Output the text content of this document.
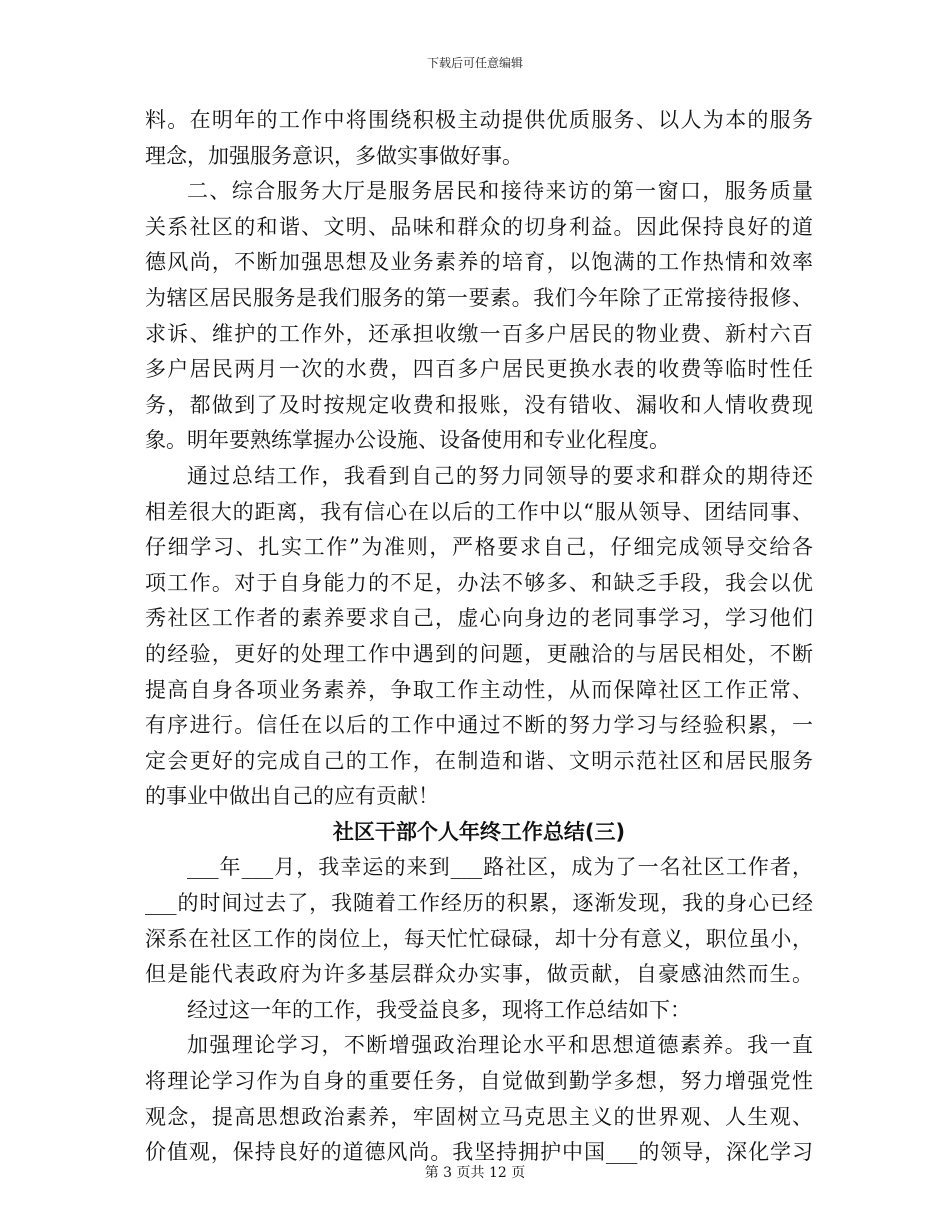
下载后可任意编辑
料。在明年的工作中将围绕积极主动提供优质服务、以人为本的服务
理念，加强服务意识，多做实事做好事。
二、综合服务大厅是服务居民和接待来访的第一窗口，服务质量
关系社区的和谐、文明、品味和群众的切身利益。因此保持良好的道
德风尚，不断加强思想及业务素养的培育，以饱满的工作热情和效率
为辖区居民服务是我们服务的第一要素。我们今年除了正常接待报修、
求诉、维护的工作外，还承担收缴一百多户居民的物业费、新村六百
多户居民两月一次的水费，四百多户居民更换水表的收费等临时性任
务，都做到了及时按规定收费和报账，没有错收、漏收和人情收费现
象。明年要熟练掌握办公设施、设备使用和专业化程度。
通过总结工作，我看到自己的努力同领导的要求和群众的期待还
相差很大的距离，我有信心在以后的工作中以“服从领导、团结同事、
仔细学习、扎实工作”为准则，严格要求自己，仔细完成领导交给各
项工作。对于自身能力的不足，办法不够多、和缺乏手段，我会以优
秀社区工作者的素养要求自己，虚心向身边的老同事学习，学习他们
的经验，更好的处理工作中遇到的问题，更融洽的与居民相处，不断
提高自身各项业务素养，争取工作主动性，从而保障社区工作正常、
有序进行。信任在以后的工作中通过不断的努力学习与经验积累，一
定会更好的完成自己的工作，在制造和谐、文明示范社区和居民服务
的事业中做出自己的应有贡献！
社区干部个人年终工作总结(三)
___年___月，我幸运的来到___路社区，成为了一名社区工作者，
___的时间过去了，我随着工作经历的积累，逐渐发现，我的身心已经
深系在社区工作的岗位上，每天忙忙碌碌，却十分有意义，职位虽小，
但是能代表政府为许多基层群众办实事，做贡献，自豪感油然而生。
经过这一年的工作，我受益良多，现将工作总结如下：
加强理论学习，不断增强政治理论水平和思想道德素养。我一直
将理论学习作为自身的重要任务，自觉做到勤学多想，努力增强党性
观念，提高思想政治素养，牢固树立马克思主义的世界观、人生观、
价值观，保持良好的道德风尚。我坚持拥护中国___的领导，深化学习
第 3 页共 12 页
